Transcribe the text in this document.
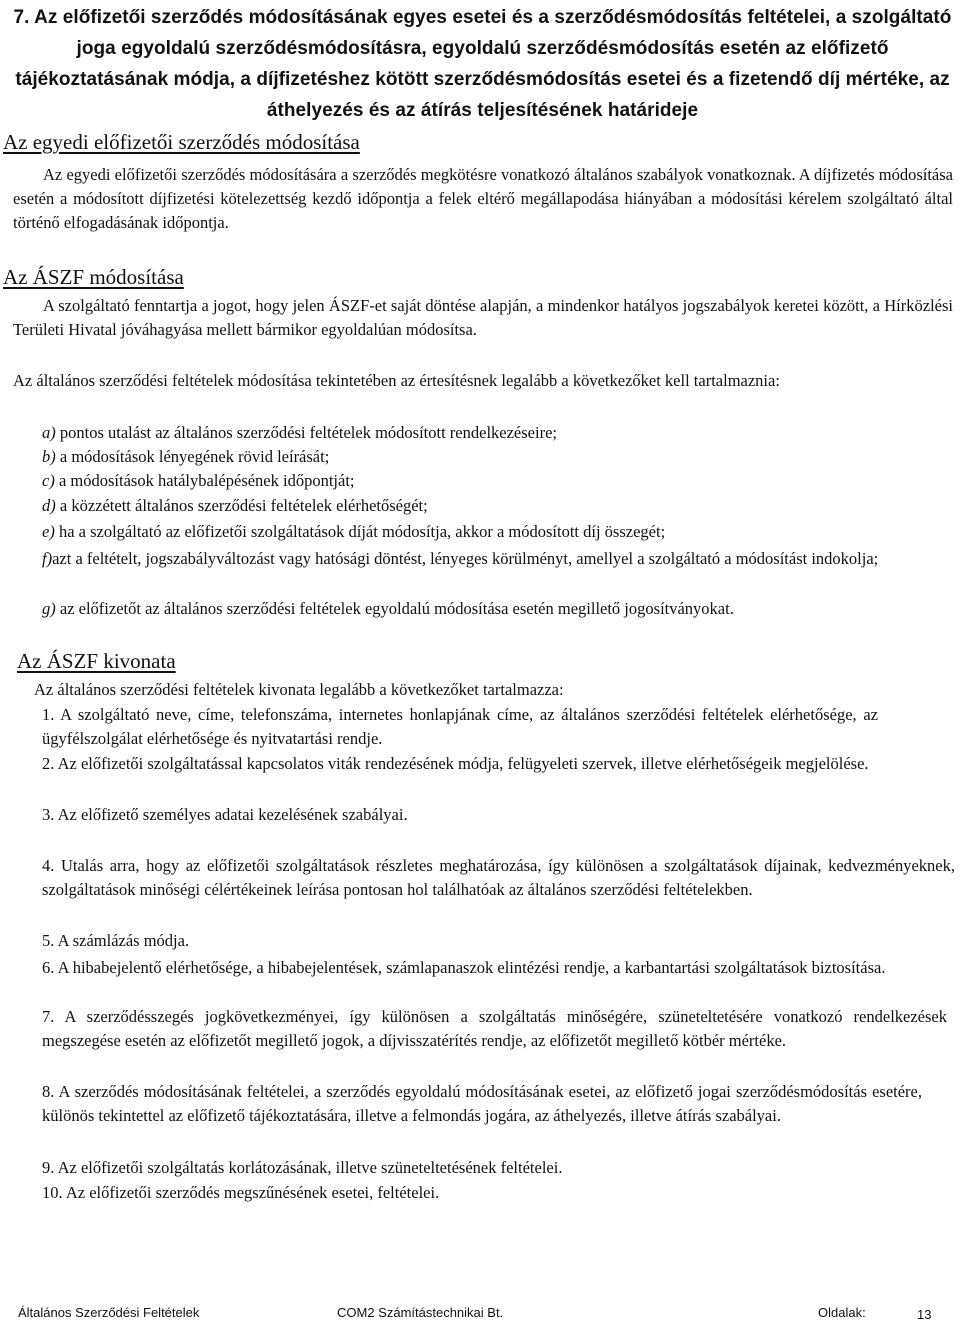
7. Az előfizetői szerződés módosításának egyes esetei és a szerződésmódosítás feltételei, a szolgáltató joga egyoldalú szerződésmódosításra, egyoldalú szerződésmódosítás esetén az előfizető tájékoztatásának módja, a díjfizetéshez kötött szerződésmódosítás esetei és a fizetendő díj mértéke, az áthelyezés és az átírás teljesítésének határideje
Az egyedi előfizetői szerződés módosítása
Az egyedi előfizetői szerződés módosítására a szerződés megkötésre vonatkozó általános szabályok vonatkoznak. A díjfizetés módosítása esetén a módosított díjfizetési kötelezettség kezdő időpontja a felek eltérő megállapodása hiányában a módosítási kérelem szolgáltató által történő elfogadásának időpontja.
Az ÁSZF módosítása
A szolgáltató fenntartja a jogot, hogy jelen ÁSZF-et saját döntése alapján, a mindenkor hatályos jogszabályok keretei között, a Hírközlési Területi Hivatal jóváhagyása mellett bármikor egyoldalúan módosítsa.
Az általános szerződési feltételek módosítása tekintetében az értesítésnek legalább a következőket kell tartalmaznia:
a) pontos utalást az általános szerződési feltételek módosított rendelkezéseire;
b) a módosítások lényegének rövid leírását;
c) a módosítások hatálybalépésének időpontját;
d) a közzétett általános szerződési feltételek elérhetőségét;
e) ha a szolgáltató az előfizetői szolgáltatások díját módosítja, akkor a módosított díj összegét;
f)azt a feltételt, jogszabályváltozást vagy hatósági döntést, lényeges körülményt, amellyel a szolgáltató a módosítást indokolja;
g) az előfizetőt az általános szerződési feltételek egyoldalú módosítása esetén megillető jogosítványokat.
Az ÁSZF kivonata
Az általános szerződési feltételek kivonata legalább a következőket tartalmazza:
1. A szolgáltató neve, címe, telefonszáma, internetes honlapjának címe, az általános szerződési feltételek elérhetősége, az ügyfélszolgálat elérhetősége és nyitvatartási rendje.
2. Az előfizetői szolgáltatással kapcsolatos viták rendezésének módja, felügyeleti szervek, illetve elérhetőségeik megjelölése.
3. Az előfizető személyes adatai kezelésének szabályai.
4. Utalás arra, hogy az előfizetői szolgáltatások részletes meghatározása, így különösen a szolgáltatások díjainak, kedvezményeknek, szolgáltatások minőségi célértékeinek leírása pontosan hol találhatóak az általános szerződési feltételekben.
5. A számlázás módja.
6. A hibabejelentő elérhetősége, a hibabejelentések, számlapanaszok elintézési rendje, a karbantartási szolgáltatások biztosítása.
7. A szerződésszegés jogkövetkezményei, így különösen a szolgáltatás minőségére, szüneteltetésére vonatkozó rendelkezések megszegése esetén az előfizetőt megillető jogok, a díjvisszatérítés rendje, az előfizetőt megillető kötbér mértéke.
8. A szerződés módosításának feltételei, a szerződés egyoldalú módosításának esetei, az előfizető jogai szerződésmódosítás esetére, különös tekintettel az előfizető tájékoztatására, illetve a felmondás jogára, az áthelyezés, illetve átírás szabályai.
9. Az előfizetői szolgáltatás korlátozásának, illetve szüneteltetésének feltételei.
10. Az előfizetői szerződés megszűnésének esetei, feltételei.
Általános Szerződési Feltételek	COM2 Számítástechnikai Bt.	Oldalak:	13
